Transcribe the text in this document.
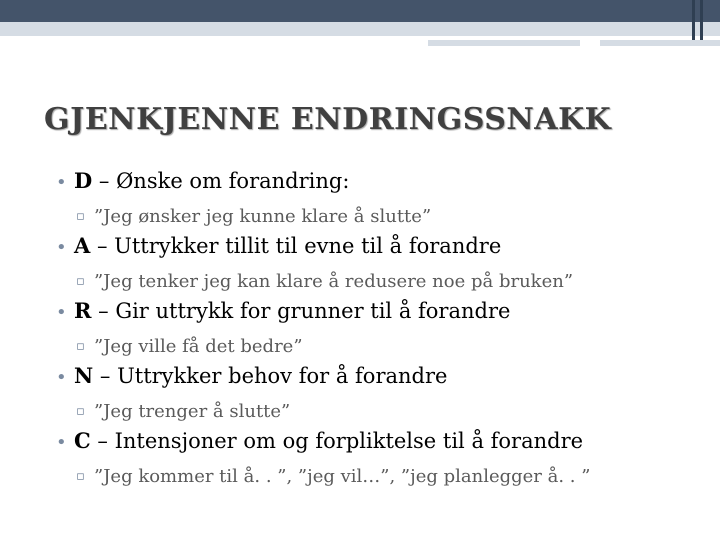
GJENKJENNE ENDRINGSSNAKK
• D – Ønske om forandring:
▫ ”Jeg ønsker jeg kunne klare å slutte”
• A – Uttrykker tillit til evne til å forandre
▫ ”Jeg tenker jeg kan klare å redusere noe på bruken”
• R – Gir uttrykk for grunner til å forandre
▫ ”Jeg ville få det bedre”
• N – Uttrykker behov for å forandre
▫ ”Jeg trenger å slutte”
• C – Intensjoner om og forpliktelse til å forandre
▫ ”Jeg kommer til å. . ”, ”jeg vil…”, ”jeg planlegger å. . ”
